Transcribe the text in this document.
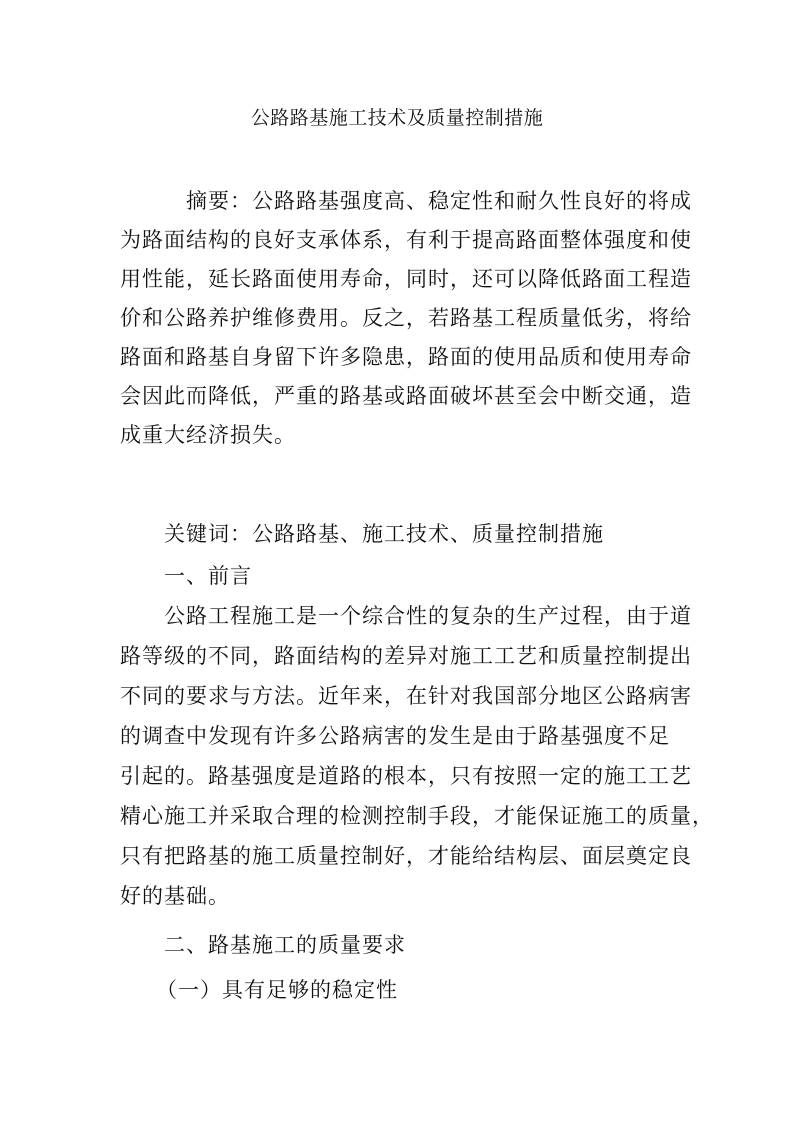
公路路基施工技术及质量控制措施
摘要：公路路基强度高、稳定性和耐久性良好的将成
为路面结构的良好支承体系，有利于提高路面整体强度和使
用性能，延长路面使用寿命，同时，还可以降低路面工程造
价和公路养护维修费用。反之，若路基工程质量低劣，将给
路面和路基自身留下许多隐患，路面的使用品质和使用寿命
会因此而降低，严重的路基或路面破坏甚至会中断交通，造
成重大经济损失。
关键词：公路路基、施工技术、质量控制措施
一、前言
公路工程施工是一个综合性的复杂的生产过程，由于道
路等级的不同，路面结构的差异对施工工艺和质量控制提出
不同的要求与方法。近年来，在针对我国部分地区公路病害
的调查中发现有许多公路病害的发生是由于路基强度不足
引起的。路基强度是道路的根本，只有按照一定的施工工艺
精心施工并采取合理的检测控制手段，才能保证施工的质量，
只有把路基的施工质量控制好，才能给结构层、面层奠定良
好的基础。
二、路基施工的质量要求
（一）具有足够的稳定性
